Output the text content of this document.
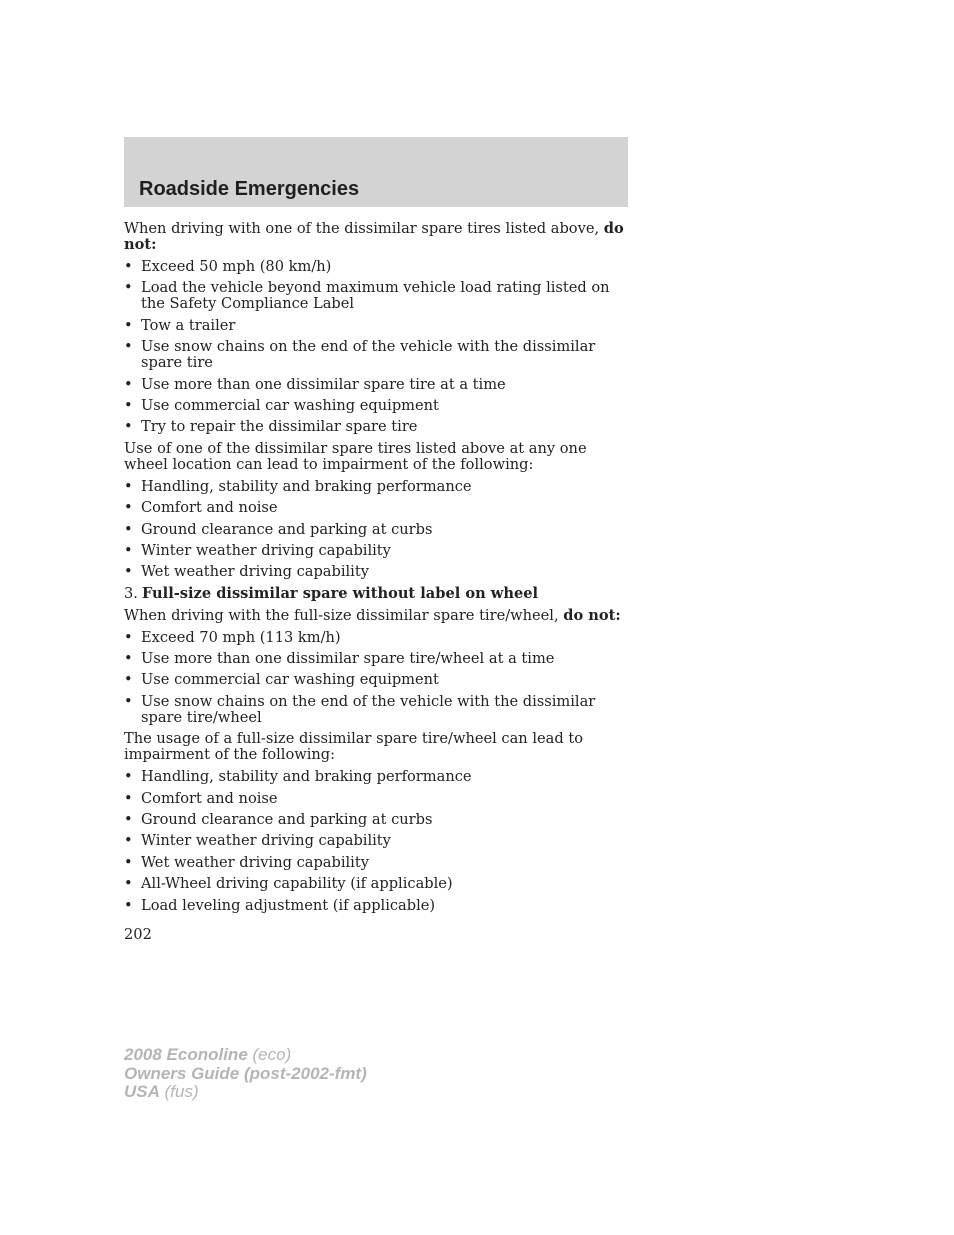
Roadside Emergencies

When driving with one of the dissimilar spare tires listed above, do not:

• Exceed 50 mph (80 km/h)
• Load the vehicle beyond maximum vehicle load rating listed on the Safety Compliance Label
• Tow a trailer
• Use snow chains on the end of the vehicle with the dissimilar spare tire
• Use more than one dissimilar spare tire at a time
• Use commercial car washing equipment
• Try to repair the dissimilar spare tire

Use of one of the dissimilar spare tires listed above at any one wheel location can lead to impairment of the following:

• Handling, stability and braking performance
• Comfort and noise
• Ground clearance and parking at curbs
• Winter weather driving capability
• Wet weather driving capability

3. Full-size dissimilar spare without label on wheel

When driving with the full-size dissimilar spare tire/wheel, do not:

• Exceed 70 mph (113 km/h)
• Use more than one dissimilar spare tire/wheel at a time
• Use commercial car washing equipment
• Use snow chains on the end of the vehicle with the dissimilar spare tire/wheel

The usage of a full-size dissimilar spare tire/wheel can lead to impairment of the following:

• Handling, stability and braking performance
• Comfort and noise
• Ground clearance and parking at curbs
• Winter weather driving capability
• Wet weather driving capability
• All-Wheel driving capability (if applicable)
• Load leveling adjustment (if applicable)
202
2008 Econoline (eco)
Owners Guide (post-2002-fmt)
USA (fus)
